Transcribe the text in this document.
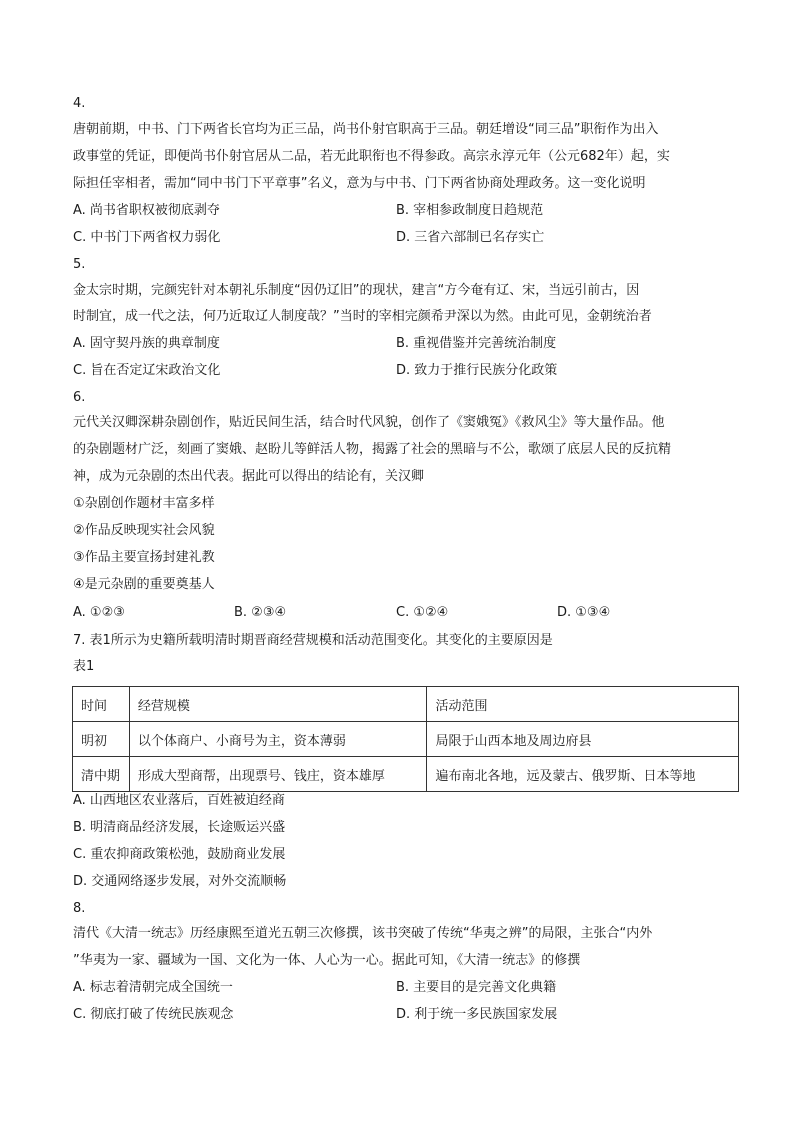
4.
唐朝前期，中书、门下两省长官均为正三品，尚书仆射官职高于三品。朝廷增设“同三品”职衔作为出入
政事堂的凭证，即便尚书仆射官居从二品，若无此职衔也不得参政。高宗永淳元年（公元682年）起，实
际担任宰相者，需加“同中书门下平章事”名义，意为与中书、门下两省协商处理政务。这一变化说明
A. 尚书省职权被彻底剥夺	B. 宰相参政制度日趋规范
C. 中书门下两省权力弱化	D. 三省六部制已名存实亡
5.
金太宗时期，完颜宪针对本朝礼乐制度“因仍辽旧”的现状，建言“方今奄有辽、宋，当远引前古，因
时制宜，成一代之法，何乃近取辽人制度哉？”当时的宰相完颜希尹深以为然。由此可见，金朝统治者
A. 固守契丹族的典章制度	B. 重视借鉴并完善统治制度
C. 旨在否定辽宋政治文化	D. 致力于推行民族分化政策
6.
元代关汉卿深耕杂剧创作，贴近民间生活，结合时代风貌，创作了《窦娥冤》《救风尘》等大量作品。他
的杂剧题材广泛，刻画了窦娥、赵盼儿等鲜活人物，揭露了社会的黑暗与不公，歌颂了底层人民的反抗精
神，成为元杂剧的杰出代表。据此可以得出的结论有，关汉卿
①杂剧创作题材丰富多样
②作品反映现实社会风貌
③作品主要宣扬封建礼教
④是元杂剧的重要奠基人
A. ①②③	B. ②③④	C. ①②④	D. ①③④
7. 表1所示为史籍所载明清时期晋商经营规模和活动范围变化。其变化的主要原因是
表1
时间	经营规模	活动范围
明初	以个体商户、小商号为主，资本薄弱	局限于山西本地及周边府县
清中期	形成大型商帮，出现票号、钱庄，资本雄厚	遍布南北各地，远及蒙古、俄罗斯、日本等地
A. 山西地区农业落后，百姓被迫经商
B. 明清商品经济发展，长途贩运兴盛
C. 重农抑商政策松弛，鼓励商业发展
D. 交通网络逐步发展，对外交流顺畅
8.
清代《大清一统志》历经康熙至道光五朝三次修撰，该书突破了传统“华夷之辨”的局限，主张合“内外
”华夷为一家、疆域为一国、文化为一体、人心为一心。据此可知，《大清一统志》的修撰
A. 标志着清朝完成全国统一	B. 主要目的是完善文化典籍
C. 彻底打破了传统民族观念	D. 利于统一多民族国家发展
